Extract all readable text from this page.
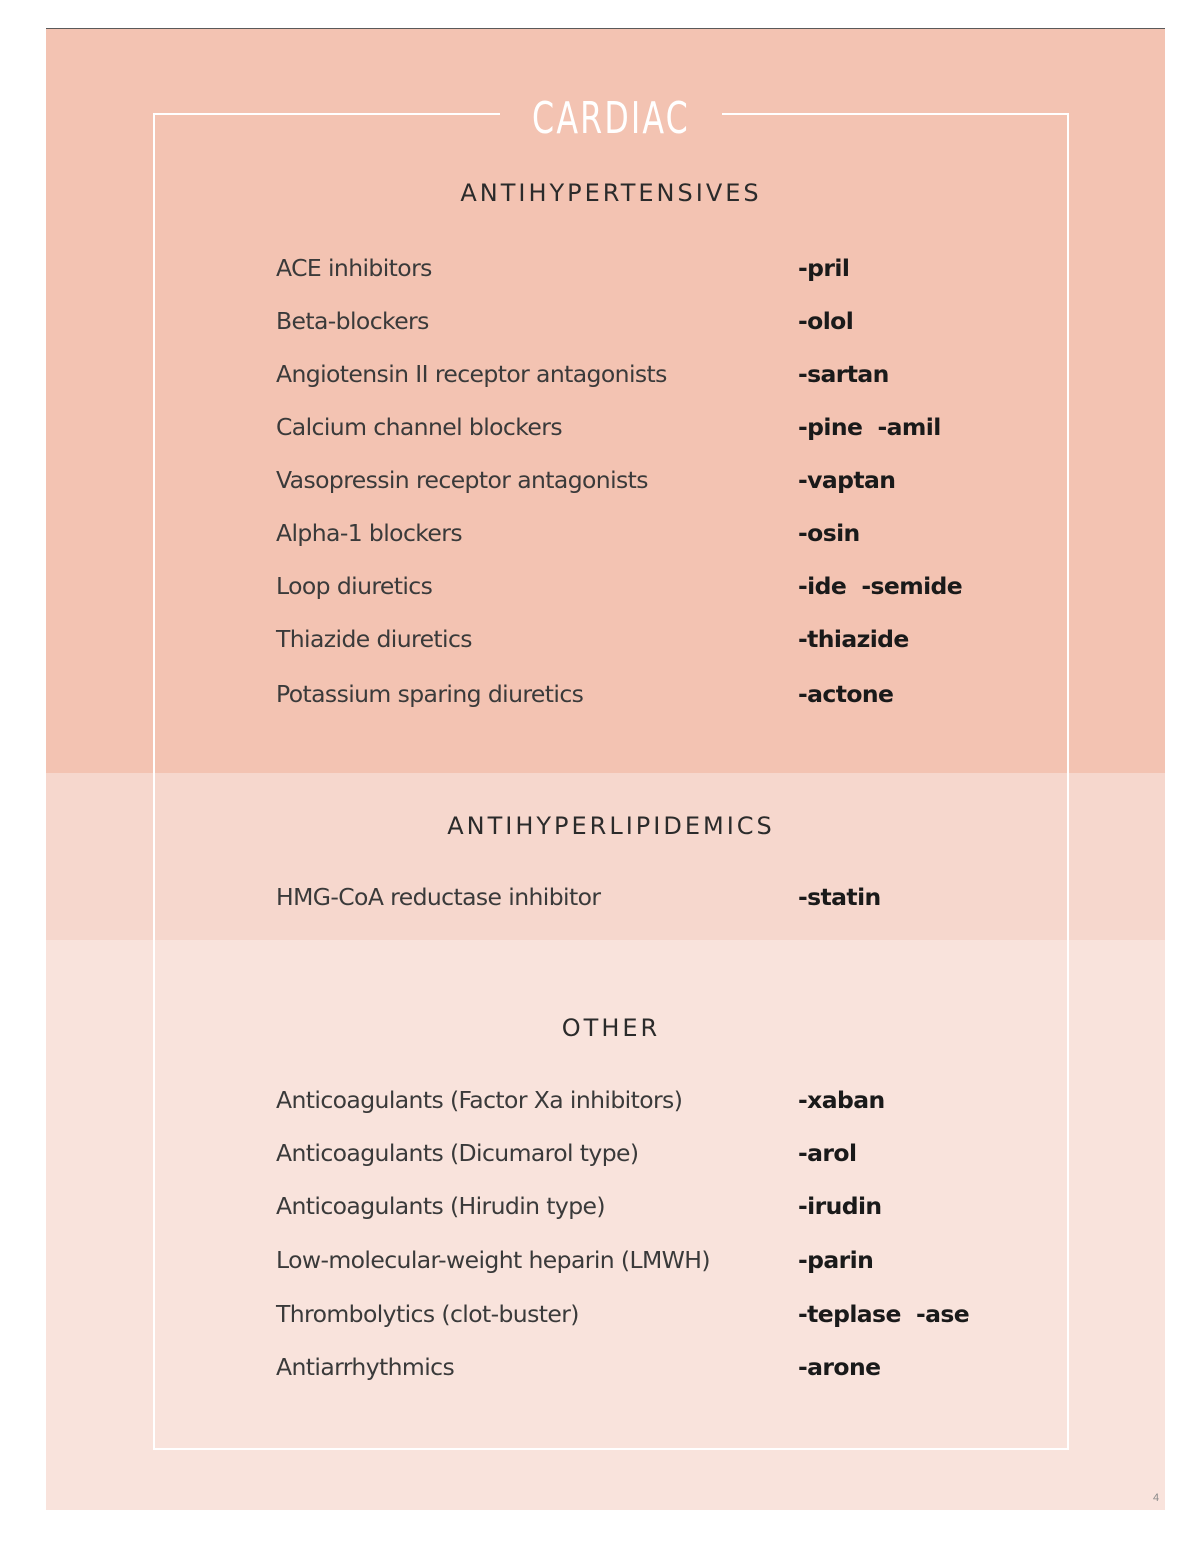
CARDIAC
ANTIHYPERTENSIVES
ACE inhibitors	-pril
Beta-blockers	-olol
Angiotensin II receptor antagonists	-sartan
Calcium channel blockers	-pine  -amil
Vasopressin receptor antagonists	-vaptan
Alpha-1 blockers	-osin
Loop diuretics	-ide  -semide
Thiazide diuretics	-thiazide
Potassium sparing diuretics	-actone
ANTIHYPERLIPIDEMICS
HMG-CoA reductase inhibitor	-statin
OTHER
Anticoagulants (Factor Xa inhibitors)	-xaban
Anticoagulants (Dicumarol type)	-arol
Anticoagulants (Hirudin type)	-irudin
Low-molecular-weight heparin (LMWH)	-parin
Thrombolytics (clot-buster)	-teplase  -ase
Antiarrhythmics	-arone
4
